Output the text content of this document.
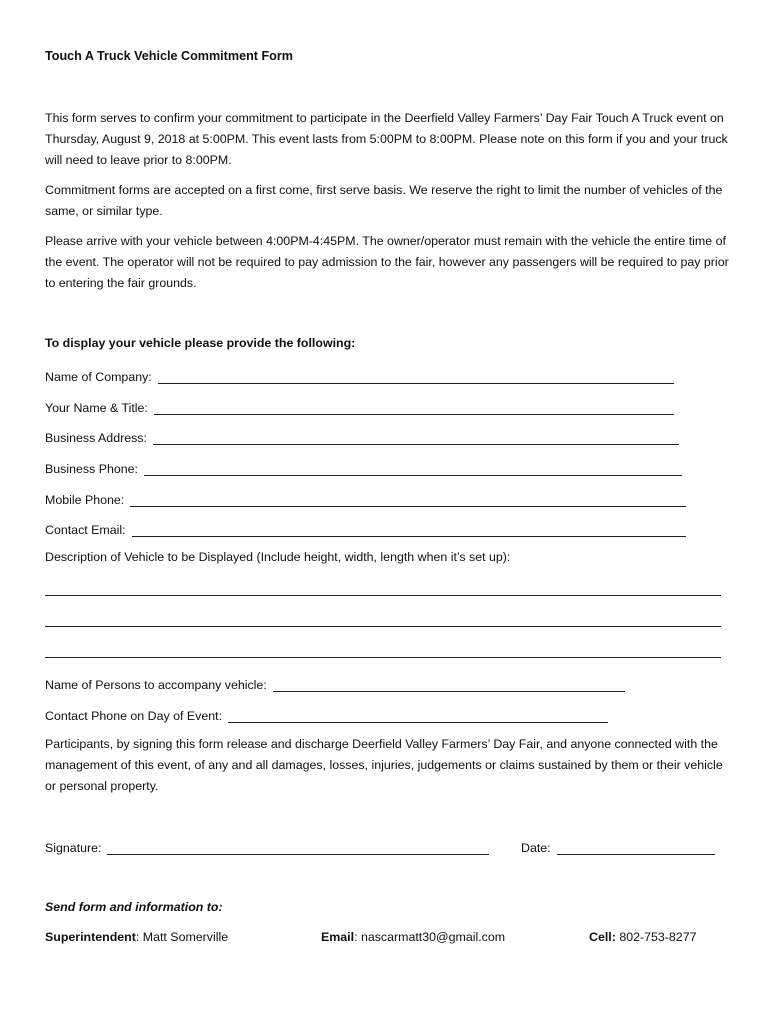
Touch A Truck Vehicle Commitment Form
This form serves to confirm your commitment to participate in the Deerfield Valley Farmers’ Day Fair Touch A Truck event on Thursday, August 9, 2018 at 5:00PM. This event lasts from 5:00PM to 8:00PM. Please note on this form if you and your truck will need to leave prior to 8:00PM.
Commitment forms are accepted on a first come, first serve basis. We reserve the right to limit the number of vehicles of the same, or similar type.
Please arrive with your vehicle between 4:00PM-4:45PM. The owner/operator must remain with the vehicle the entire time of the event. The operator will not be required to pay admission to the fair, however any passengers will be required to pay prior to entering the fair grounds.
To display your vehicle please provide the following:
Name of Company:
Your Name & Title:
Business Address:
Business Phone:
Mobile Phone:
Contact Email:
Description of Vehicle to be Displayed (Include height, width, length when it’s set up):
Name of Persons to accompany vehicle:
Contact Phone on Day of Event:
Participants, by signing this form release and discharge Deerfield Valley Farmers’ Day Fair, and anyone connected with the management of this event, of any and all damages, losses, injuries, judgements or claims sustained by them or their vehicle or personal property.
Signature:	Date:
Send form and information to:
Superintendent: Matt Somerville	Email: nascarmatt30@gmail.com	Cell: 802-753-8277
